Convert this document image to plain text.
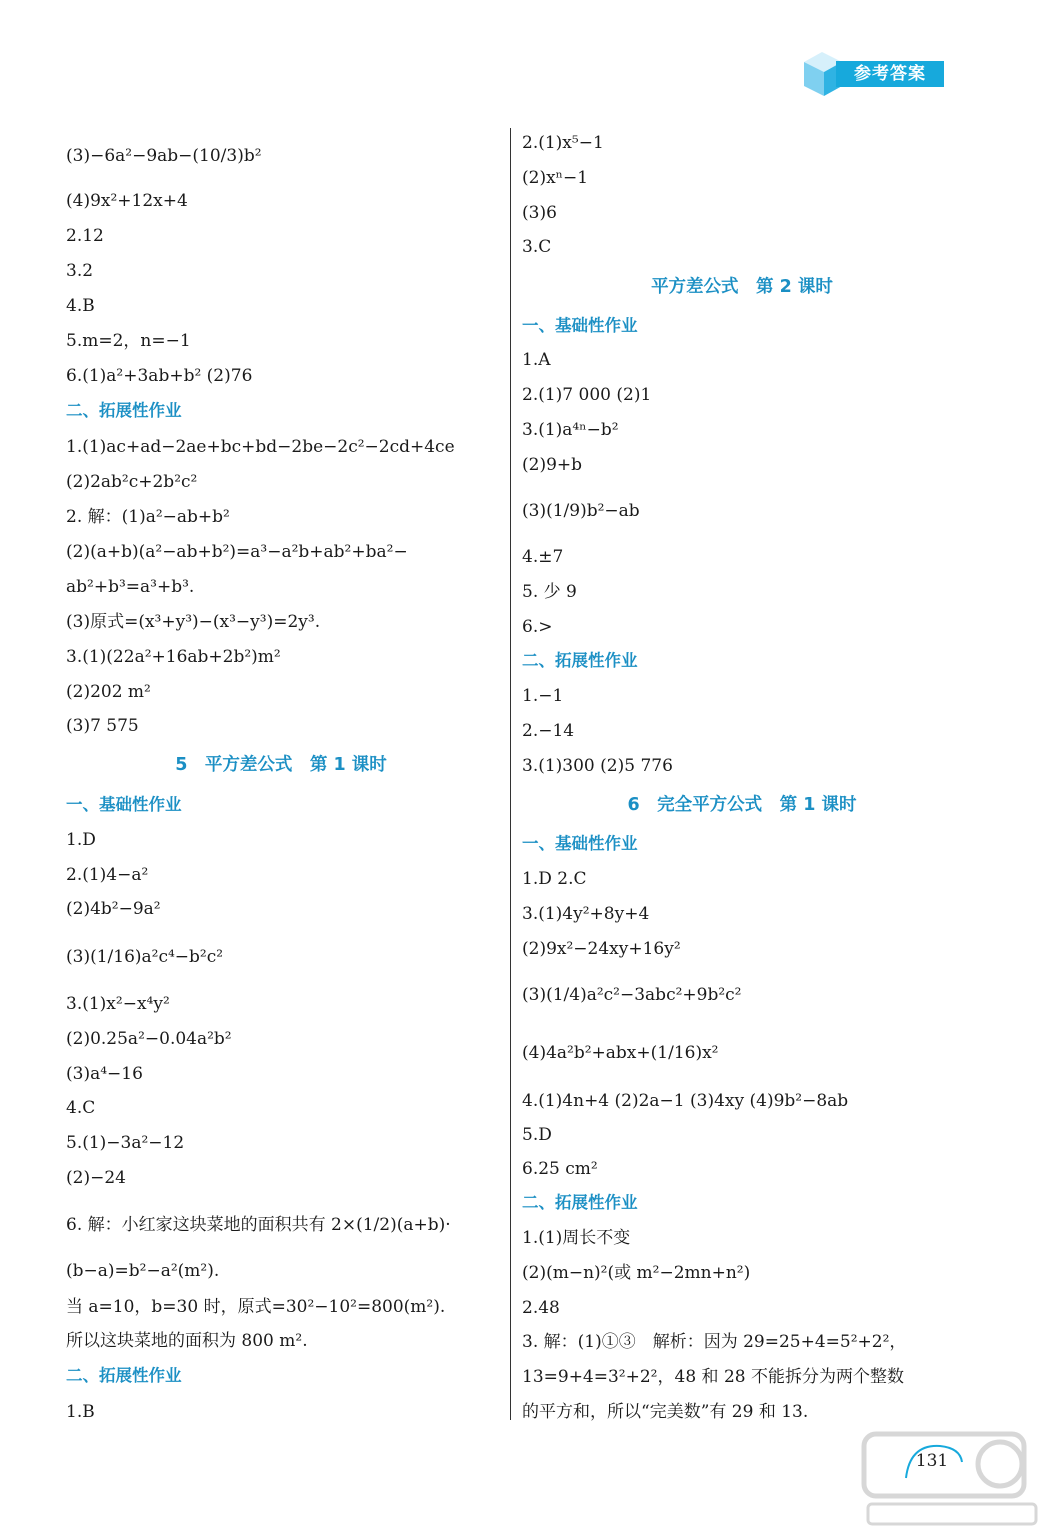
参考答案
(3)−6a²−9ab−(10/3)b²
(4)9x²+12x+4
2.12
3.2
4.B
5.m=2，n=−1
6.(1)a²+3ab+b² (2)76
二、拓展性作业
1.(1)ac+ad−2ae+bc+bd−2be−2c²−2cd+4ce
(2)2ab²c+2b²c²
2. 解：(1)a²−ab+b²
(2)(a+b)(a²−ab+b²)=a³−a²b+ab²+ba²−
ab²+b³=a³+b³.
(3)原式=(x³+y³)−(x³−y³)=2y³.
3.(1)(22a²+16ab+2b²)m²
(2)202 m²
(3)7 575
5　平方差公式　第 1 课时
一、基础性作业
1.D
2.(1)4−a²
(2)4b²−9a²
(3)(1/16)a²c⁴−b²c²
3.(1)x²−x⁴y²
(2)0.25a²−0.04a²b²
(3)a⁴−16
4.C
5.(1)−3a²−12
(2)−24
6. 解：小红家这块菜地的面积共有 2×(1/2)(a+b)·
(b−a)=b²−a²(m²).
当 a=10，b=30 时，原式=30²−10²=800(m²).
所以这块菜地的面积为 800 m².
二、拓展性作业
1.B
2.(1)x⁵−1
(2)xⁿ−1
(3)6
3.C
平方差公式　第 2 课时
一、基础性作业
1.A
2.(1)7 000 (2)1
3.(1)a⁴ⁿ−b²
(2)9+b
(3)(1/9)b²−ab
4.±7
5. 少 9
6.>
二、拓展性作业
1.−1
2.−14
3.(1)300 (2)5 776
6　完全平方公式　第 1 课时
一、基础性作业
1.D 2.C
3.(1)4y²+8y+4
(2)9x²−24xy+16y²
(3)(1/4)a²c²−3abc²+9b²c²
(4)4a²b²+abx+(1/16)x²
4.(1)4n+4 (2)2a−1 (3)4xy (4)9b²−8ab
5.D
6.25 cm²
二、拓展性作业
1.(1)周长不变
(2)(m−n)²(或 m²−2mn+n²)
2.48
3. 解：(1)①③　解析：因为 29=25+4=5²+2²，
13=9+4=3²+2²，48 和 28 不能拆分为两个整数
的平方和，所以“完美数”有 29 和 13.
131
